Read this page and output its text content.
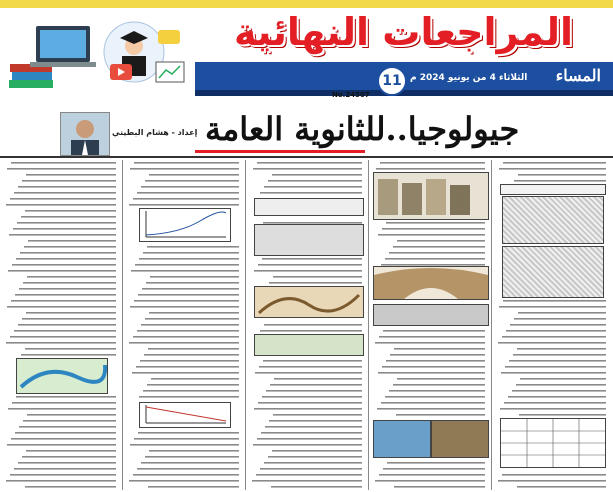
المراجعات النهائية
11
No.24507
الثلاثاء 4 من يونيو 2024 م المساء
جيولوجيا..للثانوية العامة
إعداد - هشام البطيني
